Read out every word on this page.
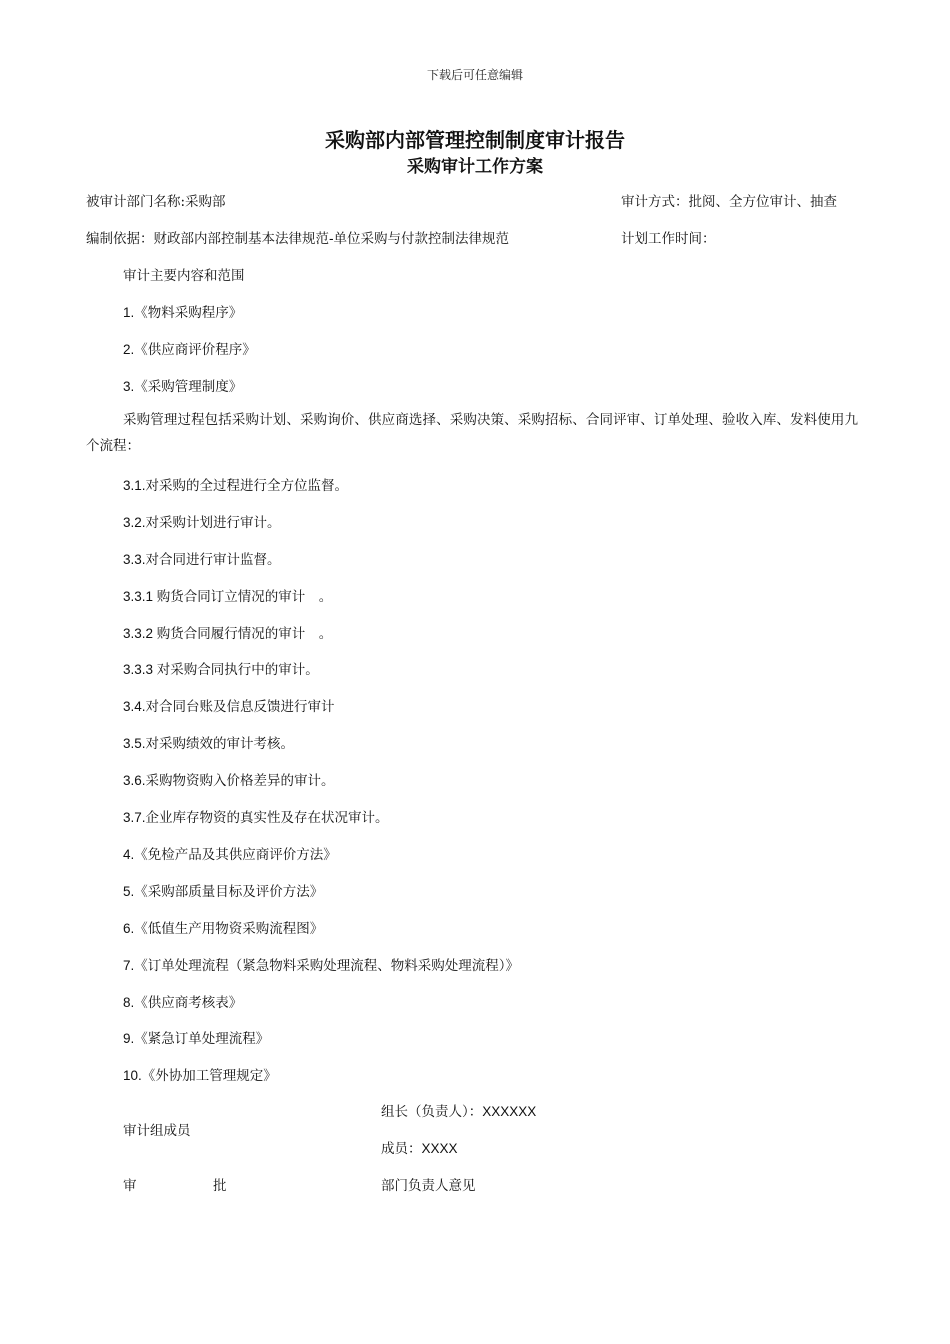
下载后可任意编辑
采购部内部管理控制制度审计报告
采购审计工作方案
被审计部门名称:采购部	审计方式：批阅、全方位审计、抽查
编制依据：财政部内部控制基本法律规范-单位采购与付款控制法律规范	计划工作时间：
审计主要内容和范围
1.《物料采购程序》
2.《供应商评价程序》
3.《采购管理制度》
采购管理过程包括采购计划、采购询价、供应商选择、采购决策、采购招标、合同评审、订单处理、验收入库、发料使用九个流程：
3.1.对采购的全过程进行全方位监督。
3.2.对采购计划进行审计。
3.3.对合同进行审计监督。
3.3.1 购货合同订立情况的审计　。
3.3.2 购货合同履行情况的审计　。
3.3.3 对采购合同执行中的审计。
3.4.对合同台账及信息反馈进行审计
3.5.对采购绩效的审计考核。
3.6.采购物资购入价格差异的审计。
3.7.企业库存物资的真实性及存在状况审计。
4.《免检产品及其供应商评价方法》
5.《采购部质量目标及评价方法》
6.《低值生产用物资采购流程图》
7.《订单处理流程（紧急物料采购处理流程、物料采购处理流程）》
8.《供应商考核表》
9.《紧急订单处理流程》
10.《外协加工管理规定》
审计组成员
组长（负责人）：XXXXXX
成员：XXXX
审	批	部门负责人意见
